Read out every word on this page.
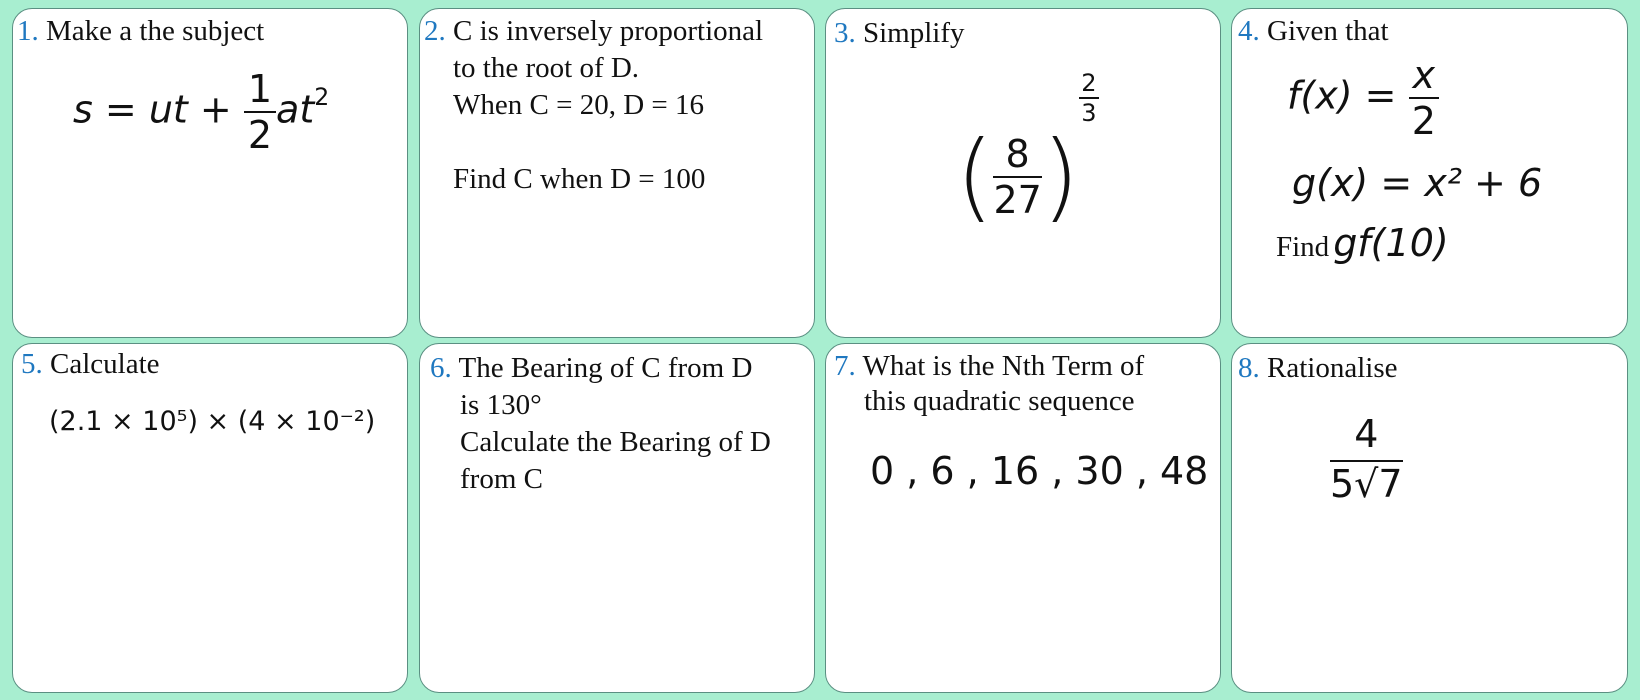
1. Make a the subject
s = ut + $\frac{1}{2} at^2$
2. C is inversely proportional
to the root of D.
When C = 20, D = 16
Find C when D = 100
3. Simplify
( $\frac{8}{27}$ )
$\frac{2}{3}$
4. Given that
$f(x) = \frac{x}{2}$
g(x) = x² + 6
Find gf(10)
5. Calculate
(2.1 × 10⁵) × (4 × 10⁻²)
6. The Bearing of C from D
is 130°
Calculate the Bearing of D
from C
7. What is the Nth Term of
this quadratic sequence
0 , 6 , 16 , 30 , 48
8. Rationalise
$\frac{4}{5√7}$
